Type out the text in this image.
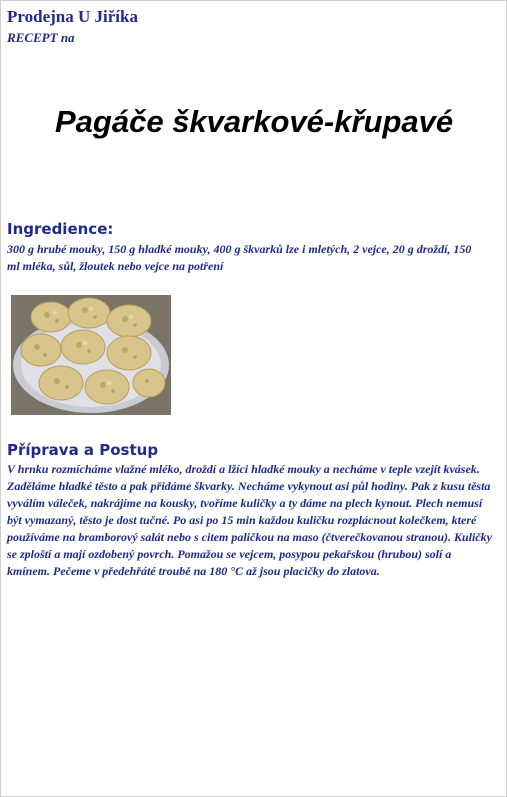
Prodejna U Jiříka
RECEPT na
Pagáče škvarkové-křupavé
Ingredience:
300 g hrubé mouky, 150 g hladké mouky, 400 g škvarků lze i mletých, 2 vejce, 20 g droždí, 150 ml mléka, sůl, žloutek nebo vejce na potření
Příprava a Postup
V hrnku rozmícháme vlažné mléko, droždí a lžíci hladké mouky a necháme v teple vzejít kvásek. Zaděláme hladké těsto a pak přidáme škvarky. Necháme vykynout asi půl hodiny. Pak z kusu těsta vyválím váleček, nakrájíme na kousky, tvoříme kuličky a ty dáme na plech kynout. Plech nemusí být vymazaný, těsto je dost tučné. Po asi po 15 min každou kuličku rozplácnout kolečkem, které používáme na bramborový salát nebo s citem paličkou na maso (čtverečkovanou stranou). Kuličky se zploští a mají ozdobený povrch. Pomažou se vejcem, posypou pekařskou (hrubou) solí a kmínem. Pečeme v předehřáté troubě na 180 °C až jsou placičky do zlatova.
